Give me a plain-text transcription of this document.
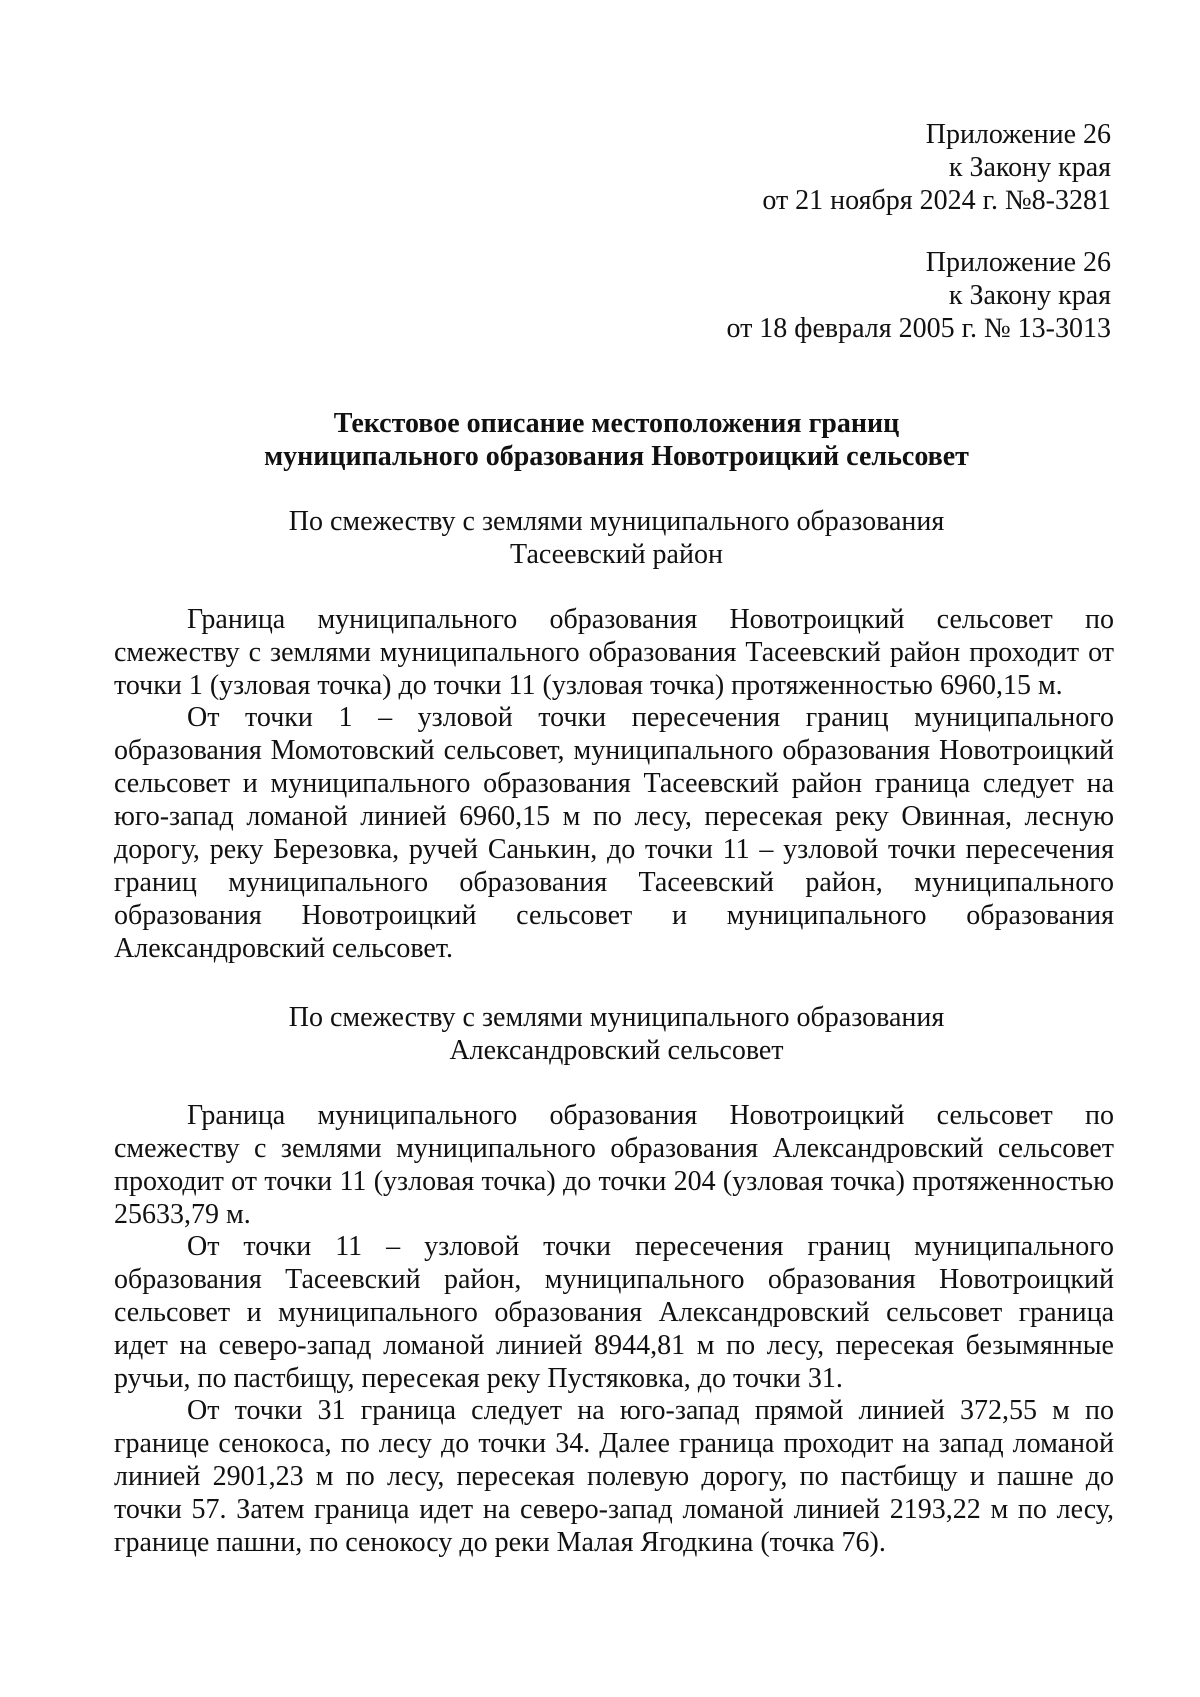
Приложение 26
к Закону края
от 21 ноября 2024 г. №8-3281
Приложение 26
к Закону края
от 18 февраля 2005 г. № 13-3013
Текстовое описание местоположения границ
муниципального образования Новотроицкий сельсовет
По смежеству с землями муниципального образования
Тасеевский район

Граница муниципального образования Новотроицкий сельсовет по смежеству с землями муниципального образования Тасеевский район проходит от точки 1 (узловая точка) до точки 11 (узловая точка) протяженностью 6960,15 м.

От точки 1 – узловой точки пересечения границ муниципального образования Момотовский сельсовет, муниципального образования Новотроицкий сельсовет и муниципального образования Тасеевский район граница следует на юго-запад ломаной линией 6960,15 м по лесу, пересекая реку Овинная, лесную дорогу, реку Березовка, ручей Санькин, до точки 11 – узловой точки пересечения границ муниципального образования Тасеевский район, муниципального образования Новотроицкий сельсовет и муниципального образования Александровский сельсовет.

По смежеству с землями муниципального образования
Александровский сельсовет

Граница муниципального образования Новотроицкий сельсовет по смежеству с землями муниципального образования Александровский сельсовет проходит от точки 11 (узловая точка) до точки 204 (узловая точка) протяженностью 25633,79 м.

От точки 11 – узловой точки пересечения границ муниципального образования Тасеевский район, муниципального образования Новотроицкий сельсовет и муниципального образования Александровский сельсовет граница идет на северо-запад ломаной линией 8944,81 м по лесу, пересекая безымянные ручьи, по пастбищу, пересекая реку Пустяковка, до точки 31.

От точки 31 граница следует на юго-запад прямой линией 372,55 м по границе сенокоса, по лесу до точки 34. Далее граница проходит на запад ломаной линией 2901,23 м по лесу, пересекая полевую дорогу, по пастбищу и пашне до точки 57. Затем граница идет на северо-запад ломаной линией 2193,22 м по лесу, границе пашни, по сенокосу до реки Малая Ягодкина (точка 76).
